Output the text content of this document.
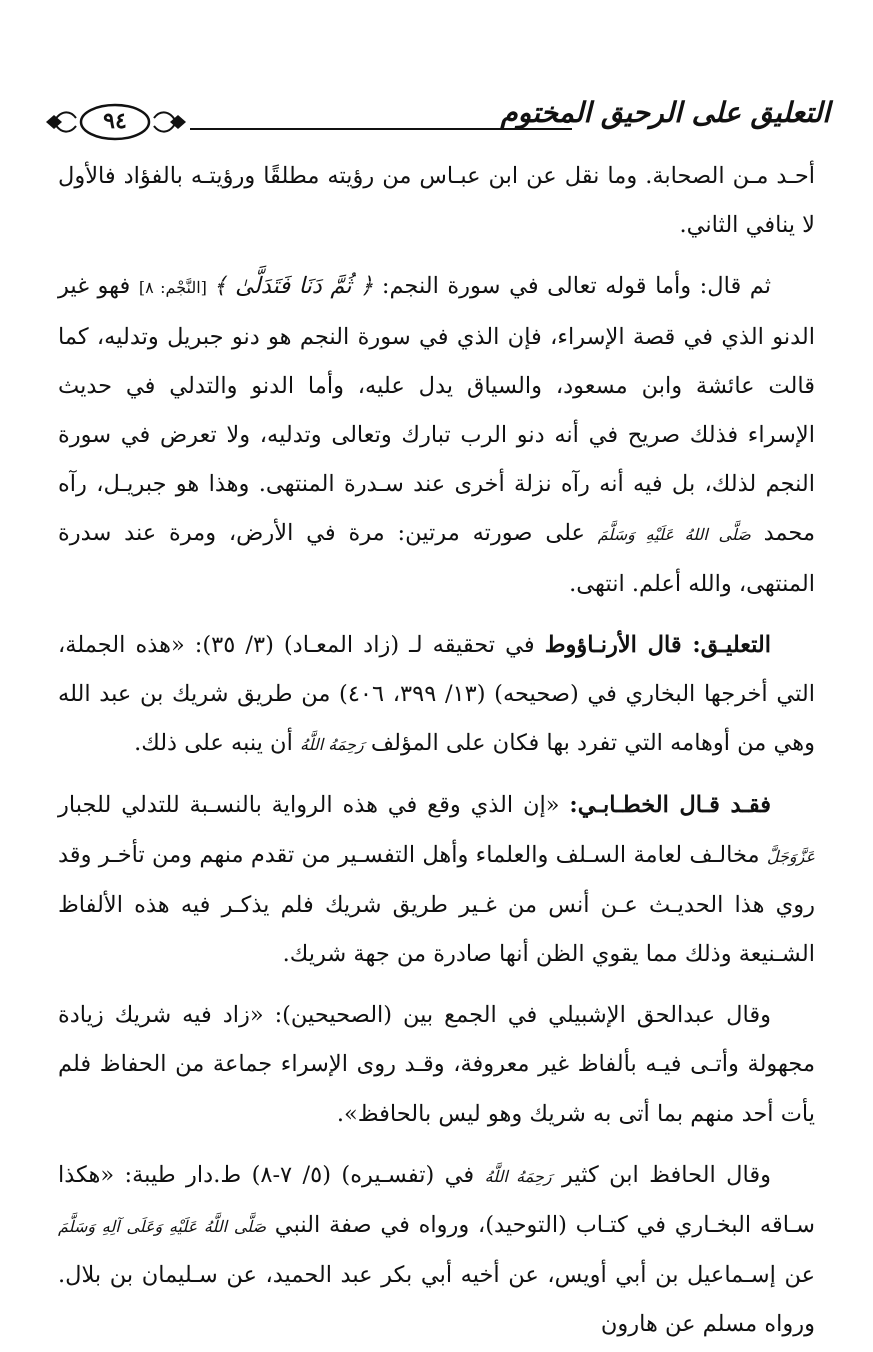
التعليق على الرحيق المختوم
٩٤

أحـد مـن الصحابة. وما نقل عن ابن عبـاس من رؤيته مطلقًا ورؤيتـه بالفؤاد فالأول لا ينافي الثاني.

ثم قال: وأما قوله تعالى في سورة النجم: ﴿ ثُمَّ دَنَا فَتَدَلَّىٰ ﴾ [النَّجْم: ٨] فهو غير الدنو الذي في قصة الإسراء، فإن الذي في سورة النجم هو دنو جبريل وتدليه، كما قالت عائشة وابن مسعود، والسياق يدل عليه، وأما الدنو والتدلي في حديث الإسراء فذلك صريح في أنه دنو الرب تبارك وتعالى وتدليه، ولا تعرض في سورة النجم لذلك، بل فيه أنه رآه نزلة أخرى عند سـدرة المنتهى. وهذا هو جبريـل، رآه محمد صَلَّى اللهُ عَلَيْهِ وَسَلَّمَ على صورته مرتين: مرة في الأرض، ومرة عند سدرة المنتهى، والله أعلم. انتهى.

التعليـق: قال الأرنـاؤوط في تحقيقه لـ (زاد المعـاد) (٣/ ٣٥): «هذه الجملة، التي أخرجها البخاري في (صحيحه) (١٣/ ٣٩٩، ٤٠٦) من طريق شريك بن عبد الله وهي من أوهامه التي تفرد بها فكان على المؤلف رَحِمَهُ اللَّهُ أن ينبه على ذلك.

فقـد قـال الخطـابـي: «إن الذي وقع في هذه الرواية بالنسـبة للتدلي للجبار عَزَّوَجَلَّ مخالـف لعامة السـلف والعلماء وأهل التفسـير من تقدم منهم ومن تأخـر وقد روي هذا الحديـث عـن أنس من غـير طريق شريك فلم يذكـر فيه هذه الألفاظ الشـنيعة وذلك مما يقوي الظن أنها صادرة من جهة شريك.

وقال عبدالحق الإشبيلي في الجمع بين (الصحيحين): «زاد فيه شريك زيادة مجهولة وأتـى فيـه بألفاظ غير معروفة، وقـد روى الإسراء جماعة من الحفاظ فلم يأت أحد منهم بما أتى به شريك وهو ليس بالحافظ».

وقال الحافظ ابن كثير رَحِمَهُ اللَّهُ في (تفسـيره) (٥/ ٧-٨) ط.دار طيبة: «هكذا سـاقه البخـاري في كتـاب (التوحيد)، ورواه في صفة النبي صَلَّى اللَّهُ عَلَيْهِ وَعَلَى آلِهِ وَسَلَّمَ عن إسـماعيل بن أبي أويس، عن أخيه أبي بكر عبد الحميد، عن سـليمان بن بلال. ورواه مسلم عن هارون
